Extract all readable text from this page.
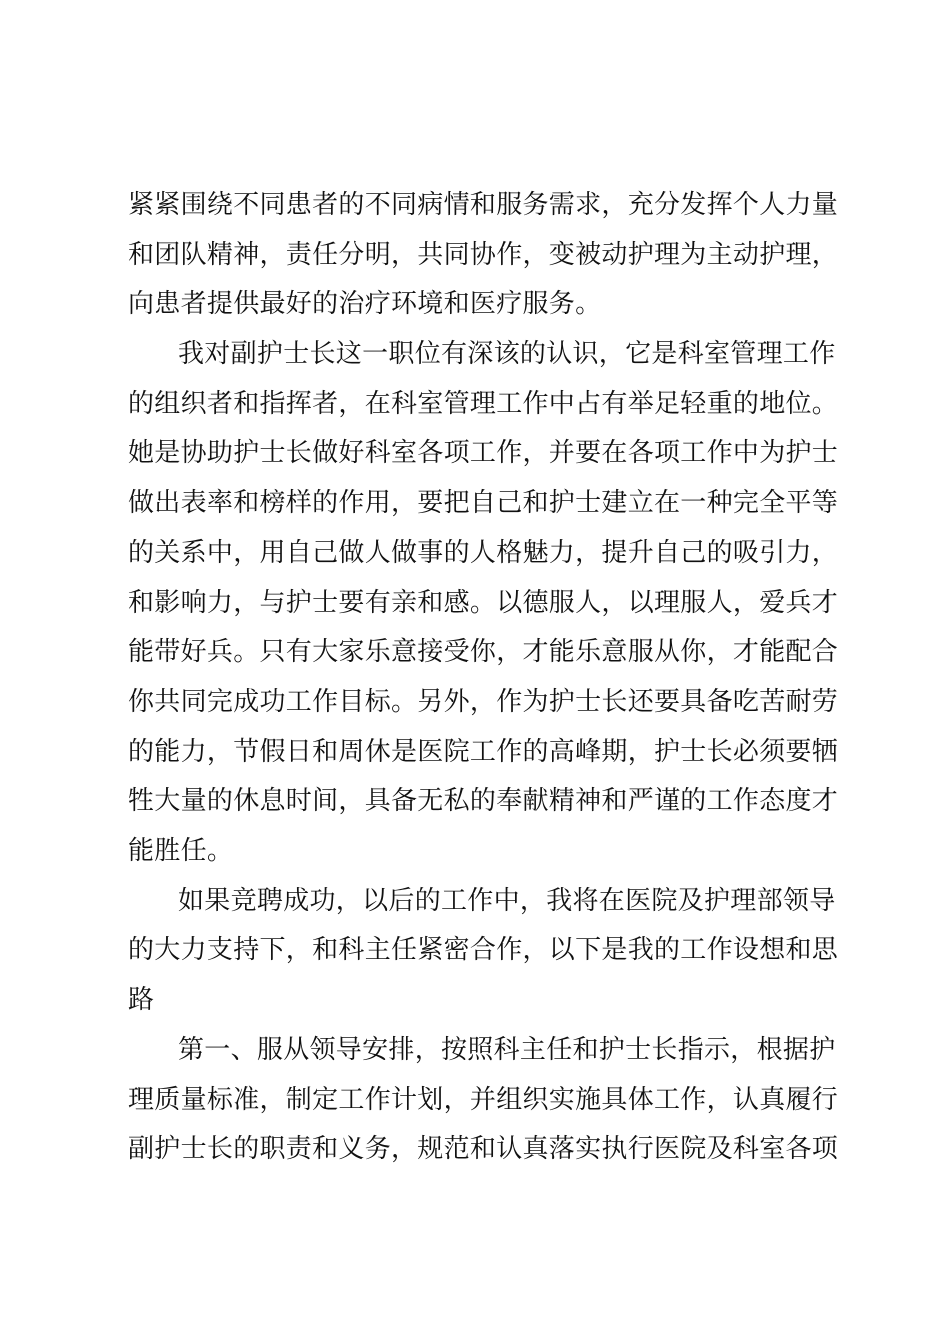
紧紧围绕不同患者的不同病情和服务需求，充分发挥个人力量
和团队精神，责任分明，共同协作，变被动护理为主动护理，
向患者提供最好的治疗环境和医疗服务。
我对副护士长这一职位有深该的认识，它是科室管理工作
的组织者和指挥者，在科室管理工作中占有举足轻重的地位。
她是协助护士长做好科室各项工作，并要在各项工作中为护士
做出表率和榜样的作用，要把自己和护士建立在一种完全平等
的关系中，用自己做人做事的人格魅力，提升自己的吸引力，
和影响力，与护士要有亲和感。以德服人，以理服人，爱兵才
能带好兵。只有大家乐意接受你，才能乐意服从你，才能配合
你共同完成功工作目标。另外，作为护士长还要具备吃苦耐劳
的能力，节假日和周休是医院工作的高峰期，护士长必须要牺
牲大量的休息时间，具备无私的奉献精神和严谨的工作态度才
能胜任。
如果竞聘成功，以后的工作中，我将在医院及护理部领导
的大力支持下，和科主任紧密合作，以下是我的工作设想和思
路
第一、服从领导安排，按照科主任和护士长指示，根据护
理质量标准，制定工作计划，并组织实施具体工作，认真履行
副护士长的职责和义务，规范和认真落实执行医院及科室各项
